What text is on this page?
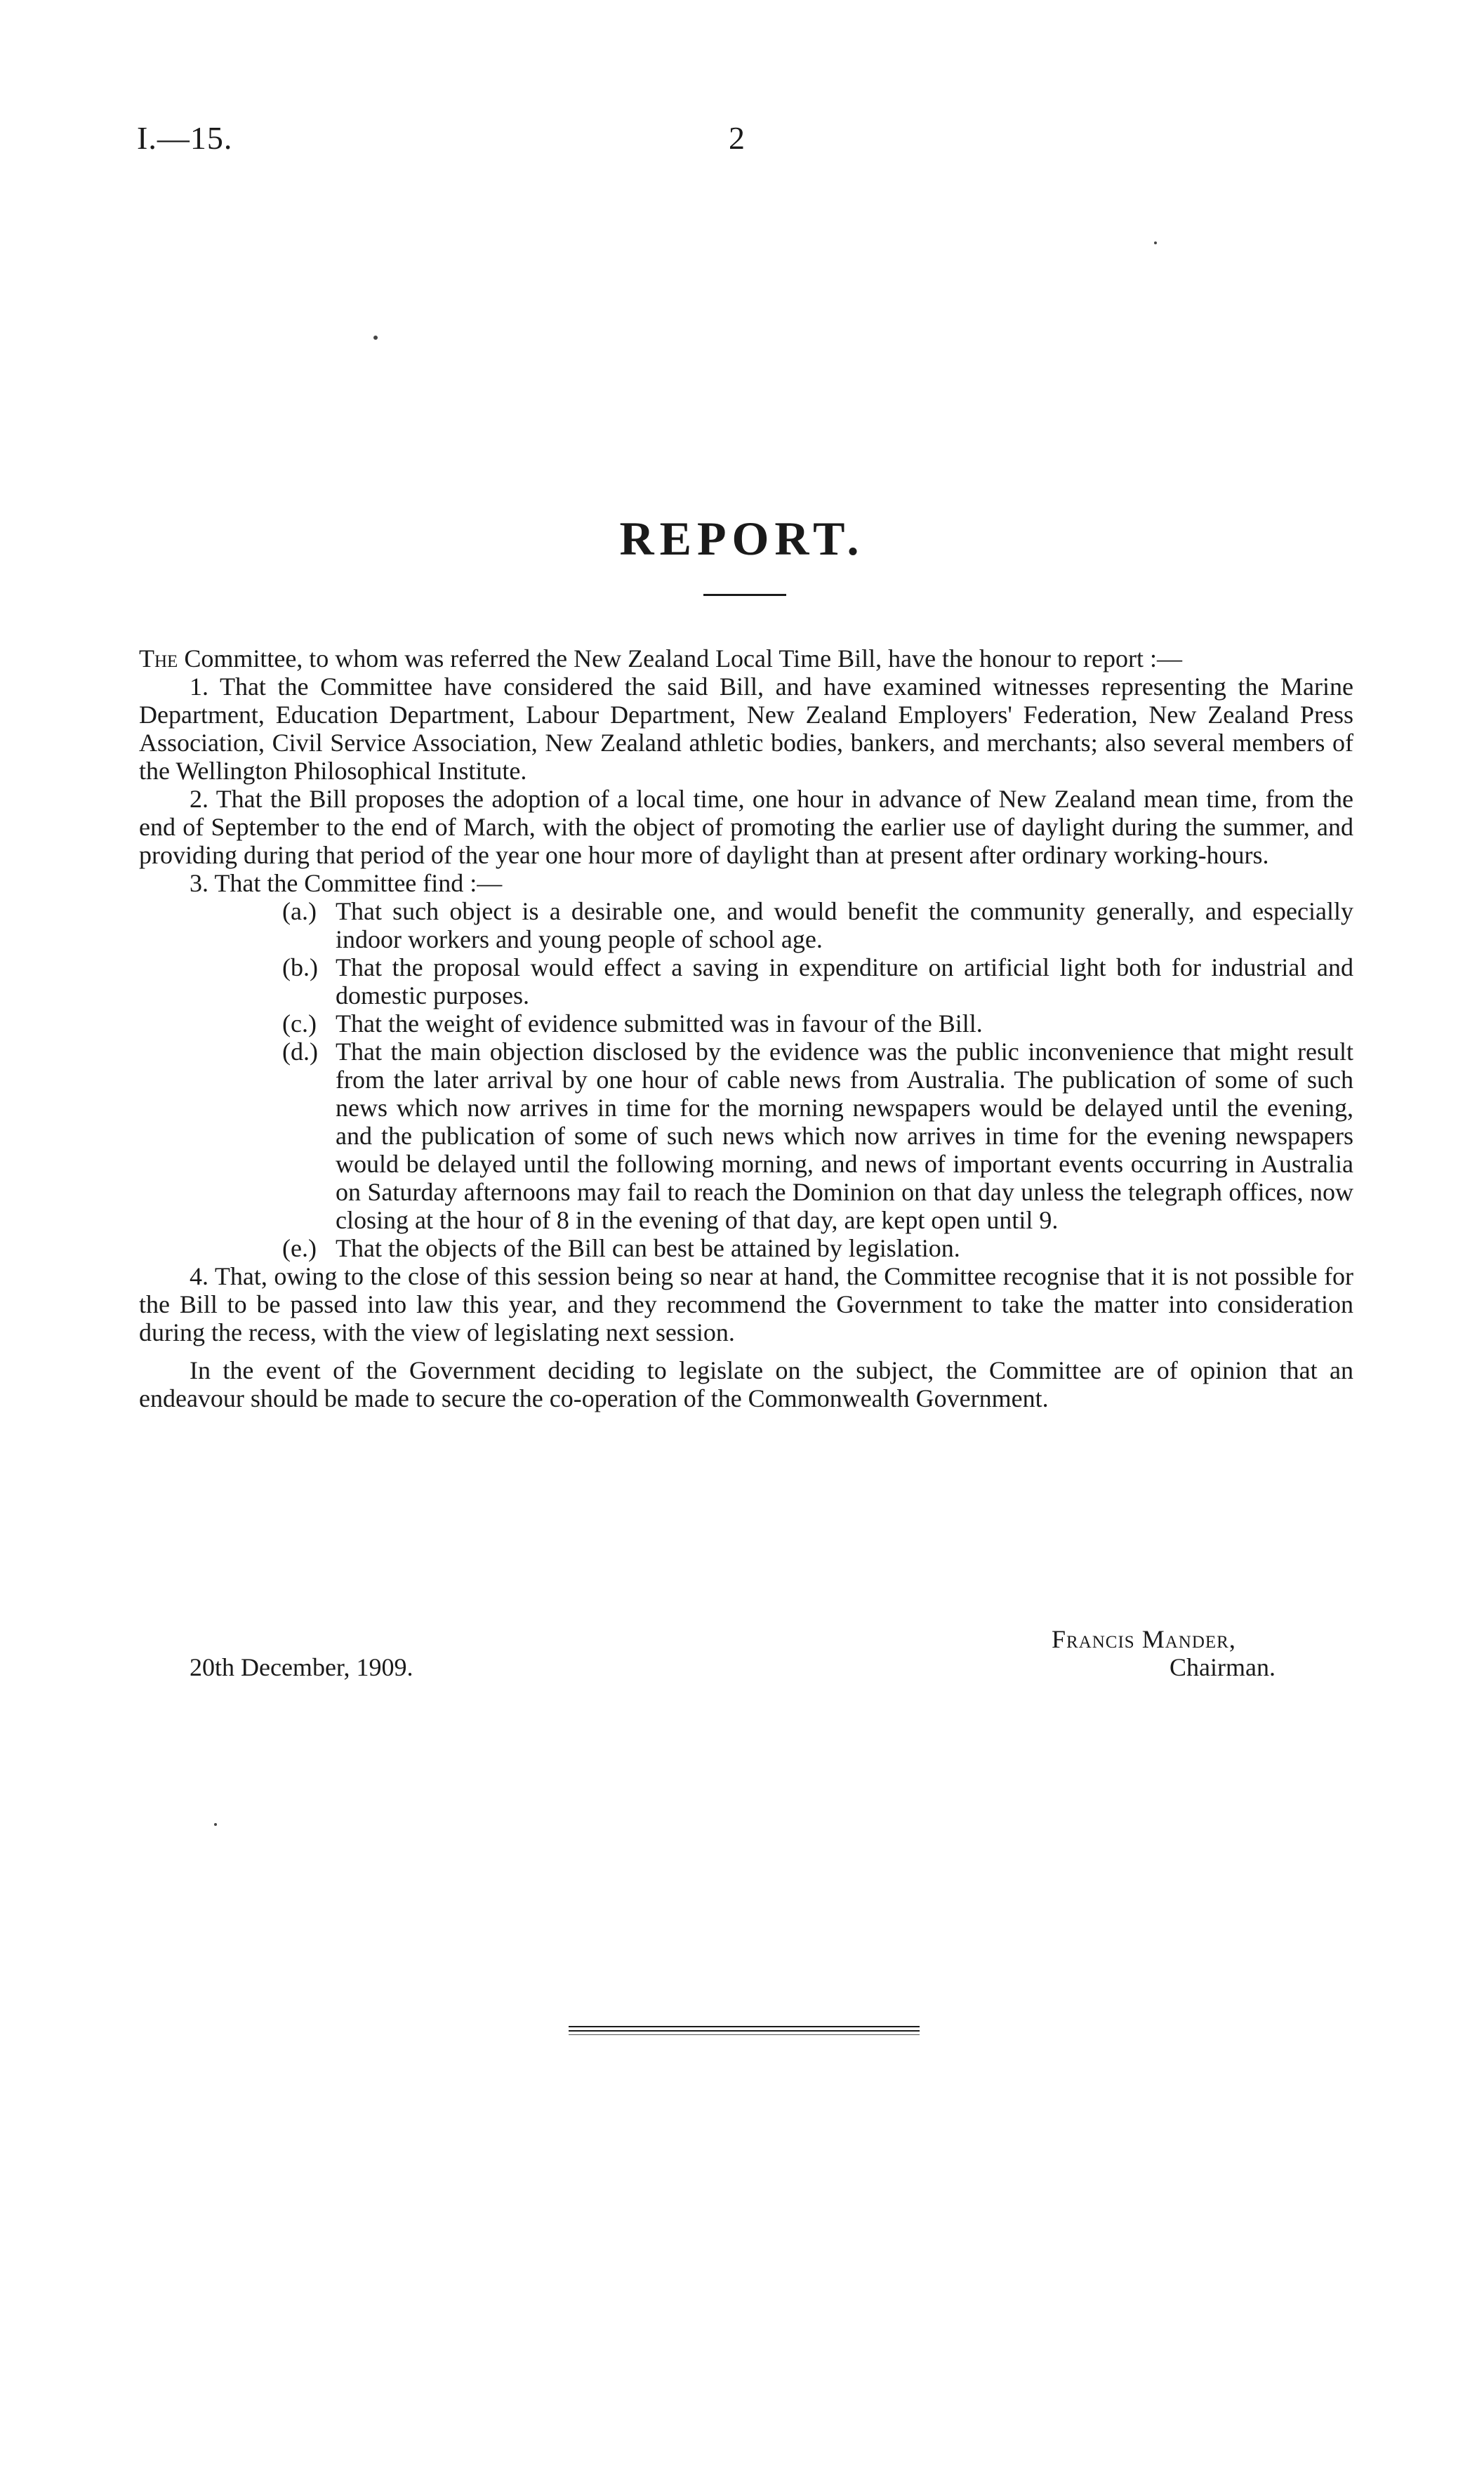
I.—15.	2
REPORT.

The Committee, to whom was referred the New Zealand Local Time Bill, have the honour to report :—

1. That the Committee have considered the said Bill, and have examined witnesses representing the Marine Department, Education Department, Labour Department, New Zealand Employers' Federation, New Zealand Press Association, Civil Service Association, New Zealand athletic bodies, bankers, and merchants; also several members of the Wellington Philosophical Institute.

2. That the Bill proposes the adoption of a local time, one hour in advance of New Zealand mean time, from the end of September to the end of March, with the object of promoting the earlier use of daylight during the summer, and providing during that period of the year one hour more of daylight than at present after ordinary working-hours.

3. That the Committee find :—

(a.) That such object is a desirable one, and would benefit the community generally, and especially indoor workers and young people of school age.

(b.) That the proposal would effect a saving in expenditure on artificial light both for industrial and domestic purposes.

(c.) That the weight of evidence submitted was in favour of the Bill.

(d.) That the main objection disclosed by the evidence was the public inconvenience that might result from the later arrival by one hour of cable news from Australia. The publication of some of such news which now arrives in time for the morning newspapers would be delayed until the evening, and the publication of some of such news which now arrives in time for the evening newspapers would be delayed until the following morning, and news of important events occurring in Australia on Saturday afternoons may fail to reach the Dominion on that day unless the telegraph offices, now closing at the hour of 8 in the evening of that day, are kept open until 9.

(e.) That the objects of the Bill can best be attained by legislation.

4. That, owing to the close of this session being so near at hand, the Committee recognise that it is not possible for the Bill to be passed into law this year, and they recommend the Government to take the matter into consideration during the recess, with the view of legislating next session.

In the event of the Government deciding to legislate on the subject, the Committee are of opinion that an endeavour should be made to secure the co-operation of the Commonwealth Government.

Francis Mander,
20th December, 1909.	Chairman.
